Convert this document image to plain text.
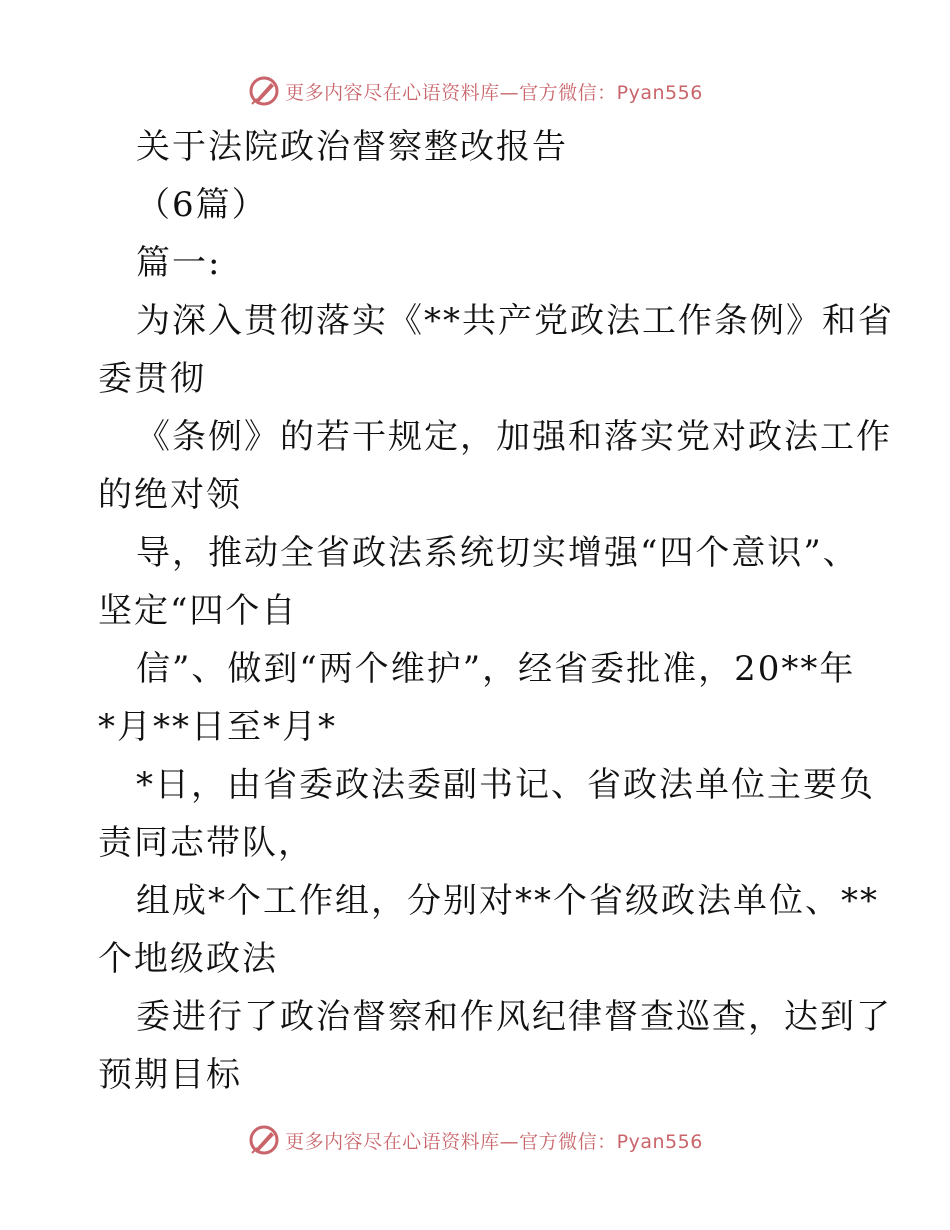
更多内容尽在心语资料库—官方微信：Pyan556
关于法院政治督察整改报告
（6篇）
篇一:
为深入贯彻落实《**共产党政法工作条例》和省
委贯彻
《条例》的若干规定，加强和落实党对政法工作
的绝对领
导，推动全省政法系统切实增强“四个意识”、
坚定“四个自
信”、做到“两个维护”，经省委批准，20**年
*月**日至*月*
*日，由省委政法委副书记、省政法单位主要负
责同志带队，
组成*个工作组，分别对**个省级政法单位、**
个地级政法
委进行了政治督察和作风纪律督查巡查，达到了
预期目标
更多内容尽在心语资料库—官方微信：Pyan556
